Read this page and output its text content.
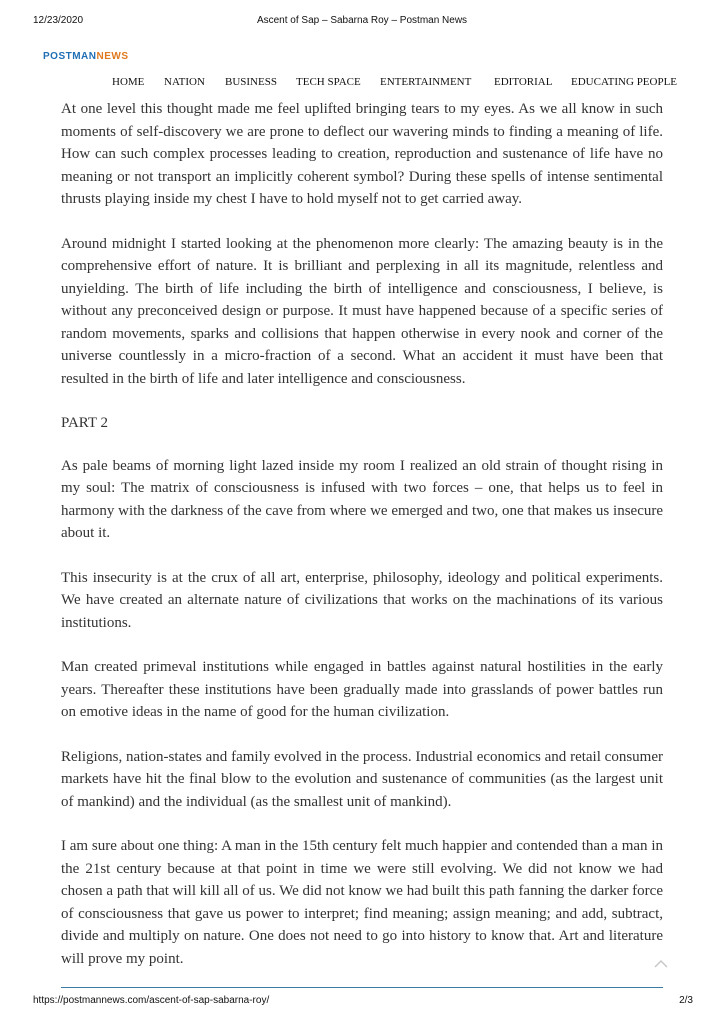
12/23/2020	Ascent of Sap – Sabarna Roy – Postman News
POSTMANNEWS
HOME NATION BUSINESS TECH SPACE ENTERTAINMENT EDITORIAL EDUCATING PEOPLE

At one level this thought made me feel uplifted bringing tears to my eyes. As we all know in such moments of self-discovery we are prone to deflect our wavering minds to finding a meaning of life. How can such complex processes leading to creation, reproduction and sustenance of life have no meaning or not transport an implicitly coherent symbol? During these spells of intense sentimental thrusts playing inside my chest I have to hold myself not to get carried away.

Around midnight I started looking at the phenomenon more clearly: The amazing beauty is in the comprehensive effort of nature. It is brilliant and perplexing in all its magnitude, relentless and unyielding. The birth of life including the birth of intelligence and consciousness, I believe, is without any preconceived design or purpose. It must have happened because of a specific series of random movements, sparks and collisions that happen otherwise in every nook and corner of the universe countlessly in a micro-fraction of a second. What an accident it must have been that resulted in the birth of life and later intelligence and consciousness.

PART 2

As pale beams of morning light lazed inside my room I realized an old strain of thought rising in my soul: The matrix of consciousness is infused with two forces – one, that helps us to feel in harmony with the darkness of the cave from where we emerged and two, one that makes us insecure about it.

This insecurity is at the crux of all art, enterprise, philosophy, ideology and political experiments. We have created an alternate nature of civilizations that works on the machinations of its various institutions.

Man created primeval institutions while engaged in battles against natural hostilities in the early years. Thereafter these institutions have been gradually made into grasslands of power battles run on emotive ideas in the name of good for the human civilization.

Religions, nation-states and family evolved in the process. Industrial economics and retail consumer markets have hit the final blow to the evolution and sustenance of communities (as the largest unit of mankind) and the individual (as the smallest unit of mankind).

I am sure about one thing: A man in the 15th century felt much happier and contended than a man in the 21st century because at that point in time we were still evolving. We did not know we had chosen a path that will kill all of us. We did not know we had built this path fanning the darker force of consciousness that gave us power to interpret; find meaning; assign meaning; and add, subtract, divide and multiply on nature. One does not need to go into history to know that. Art and literature will prove my point.

https://postmannews.com/ascent-of-sap-sabarna-roy/	2/3
